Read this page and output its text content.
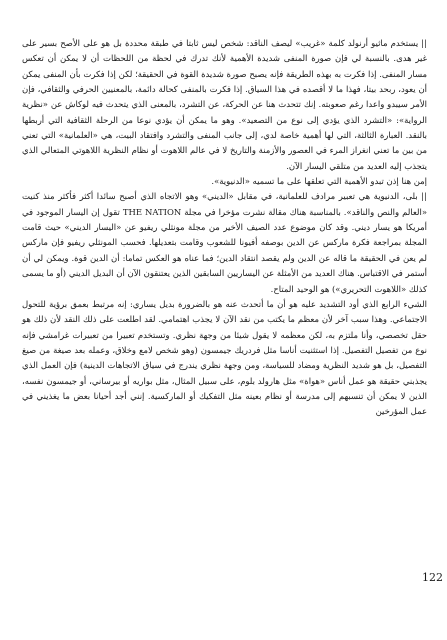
|| يستخدم ماثيو أرنولد كلمة «غريب» ليصف الناقد: شخص ليس ثابتا في طبقة محددة بل هو على الأصح بسير على غير هدى. بالنسبة لي فإن صورة المنفى شديدة الأهمية لأنك تدرك في لحظة من اللحظات أن لا يمكن أن تعكس مسار المنفى. إذا فكرت به بهذه الطريقة فإنه يصبح صورة شديدة القوة في الحقيقة؛ لكن إذا فكرت بأن المنفى يمكن أن يعود، ربحد بيتا، فهذا ما لا أقصده في هذا السياق. إذا فكرت بالمنفى كحالة دائمة، بالمعنيين الحرفي والثقافي، فإن الأمر سيبدو واعدا رغم صعوبته. إنك تتحدث هنا عن الحركة، عن التشرد، بالمعنى الذي يتحدث فيه لوكاش عن «نظرية الرواية»: «التشرد الذي يؤدي إلى نوع من التصعيد». وهو ما يمكن أن يؤدي نوعا من الرحلة الثقافية التي أربطها بالنقد. العبارة الثالثة، التي لها أهمية خاصة لدي، إلى جانب المنفى والتشرد وافتقاد البيت، هي «العلمانية» التي تعني من بين ما تعني انغراز المرء في العصور والأزمنة والتاريخ لا في عالم اللاهوت أو نظام النظرية اللاهوتي المتعالي الذي يتجذب إليه العديد من متلقي اليسار الآن.

إمن هنا إذن تبدو الأهمية التي تعلقها على ما تسميه «الدنيوية».

|| بلى، الدنيوية هي تعبير مرادف للعلمانية، في مقابل «الديني» وهو الاتجاه الذي أصبح سائدا أكثر فأكثر منذ كنيت «العالم والنص والناقد». بالمناسبة هناك مقالة نشرت مؤخرا في مجلة THE NATION تقول إن اليسار الموجود في أمريكا هو يسار ديني. وقد كان موضوع عدد الصيف الأخير من مجلة مونثلي ريفيو عن «اليسار الديني» حيث قامت المجلة بمراجعة فكرة ماركس عن الدين بوصفه أفيونا للشعوب وقامت بتعديلها. فحسب المونثلي ريفيو فإن ماركس لم يعن في الحقيقة ما قاله عن الدين ولم يقصد انتقاد الدين؛ فما عناه هو العكس تماما: أن الدين قوة. ويمكن لي أن أستمر في الاقتباس. هناك العديد من الأمثلة عن اليساريين السابقين الذين يعتنقون الآن أن البديل الديني (أو ما يسمى كذلك «اللاهوت التحريري») هو الوحيد المتاح.

الشيء الرابع الذي أود التشديد عليه هو أن ما أتحدث عنه هو بالضرورة بديل يساري: إنه مرتبط بعمق برؤية للتحول الاجتماعي. وهذا سبب آخر لأن معظم ما يكتب من نقد الآن لا يجذب اهتمامي. لقد اطلعت على ذلك النقد لأن ذلك هو حقل تخصصي، وأنا ملتزم به، لكن معظمه لا يقول شيئا من وجهة نظري. وتستخدم تعبيرا من تعبيرات غرامشي فإنه نوع من تفصيل التفصيل. إذا استثنيت أناسا مثل فردريك جيمسون (وهو شخص لامع وخلاق، وعمله بعد صيغة من صيغ التفصيل، بل هو شديد النظرية ومضاد للسياسة، ومن وجهة نظري يندرج في سياق الاتجاهات الدينية) فإن العمل الذي يجذبني حقيقة هو عمل أناس «هواة» مثل هارولد بلوم، على سبيل المثال، مثل بواريه أو بيرساني، أو جيمسون نفسه، الذين لا يمكن أن تنسبهم إلى مدرسة أو نظام بعينه مثل التفكيك أو الماركسية. إنني أجد أحيانا بعض ما يغذيني في عمل المؤرخين

122
